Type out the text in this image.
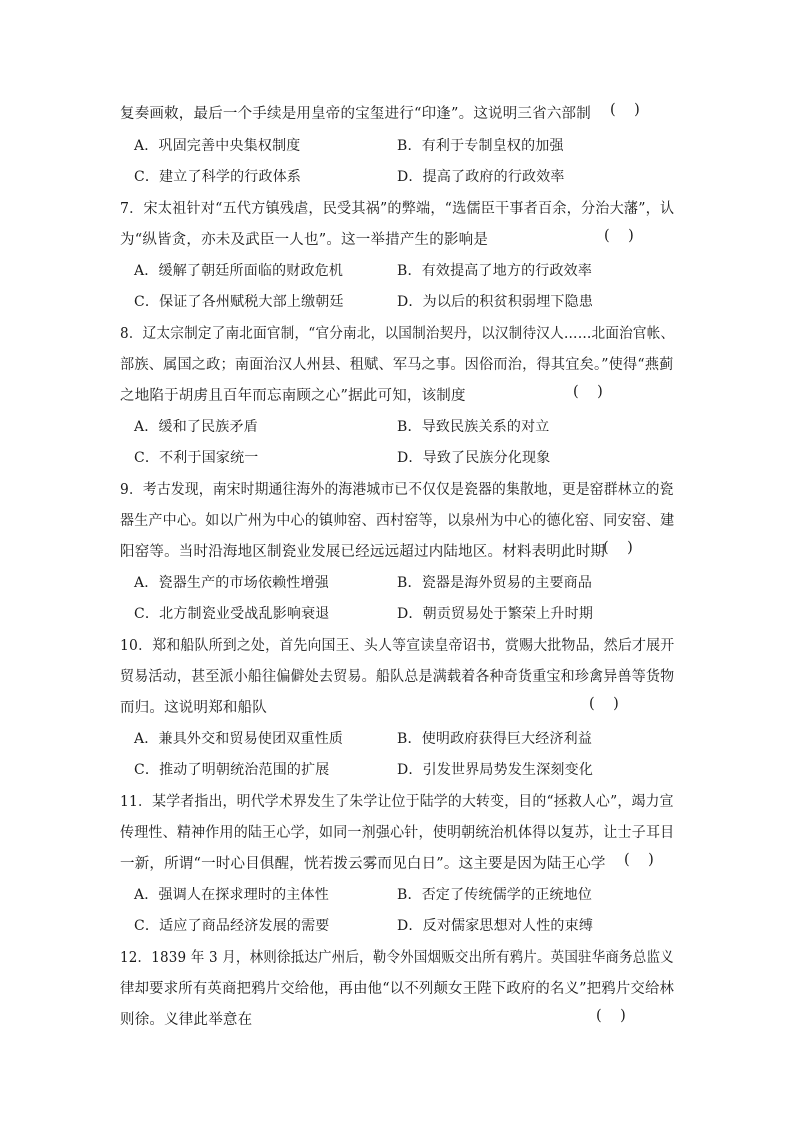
复奏画敕，最后一个手续是用皇帝的宝玺进行“印逢”。这说明三省六部制 (    )
A．巩固完善中央集权制度	B．有利于专制皇权的加强
C．建立了科学的行政体系	D．提高了政府的行政效率
7．宋太祖针对“五代方镇残虐，民受其祸”的弊端，“选儒臣干事者百余，分治大藩”，认
为“纵皆贪，亦未及武臣一人也”。这一举措产生的影响是	(    )
A．缓解了朝廷所面临的财政危机	B．有效提高了地方的行政效率
C．保证了各州赋税大部上缴朝廷	D．为以后的积贫积弱埋下隐患
8．辽太宗制定了南北面官制，“官分南北，以国制治契丹，以汉制待汉人……北面治官帐、
部族、属国之政；南面治汉人州县、租赋、军马之事。因俗而治，得其宜矣。”使得“燕蓟
之地陷于胡虏且百年而忘南顾之心”据此可知，该制度	(    )
A．缓和了民族矛盾	B．导致民族关系的对立
C．不利于国家统一	D．导致了民族分化现象
9．考古发现，南宋时期通往海外的海港城市已不仅仅是瓷器的集散地，更是窑群林立的瓷
器生产中心。如以广州为中心的镇帅窑、西村窑等，以泉州为中心的德化窑、同安窑、建
阳窑等。当时沿海地区制瓷业发展已经远远超过内陆地区。材料表明此时期
(    )
A．瓷器生产的市场依赖性增强	B．瓷器是海外贸易的主要商品
C．北方制瓷业受战乱影响衰退	D．朝贡贸易处于繁荣上升时期
10．郑和船队所到之处，首先向国王、头人等宣读皇帝诏书，赏赐大批物品，然后才展开
贸易活动，甚至派小船往偏僻处去贸易。船队总是满载着各种奇货重宝和珍禽异兽等货物
而归。这说明郑和船队	(    )
A．兼具外交和贸易使团双重性质	B．使明政府获得巨大经济利益
C．推动了明朝统治范围的扩展	D．引发世界局势发生深刻变化
11．某学者指出，明代学术界发生了朱学让位于陆学的大转变，目的“拯救人心”，竭力宣
传理性、精神作用的陆王心学，如同一剂强心针，使明朝统治机体得以复苏，让士子耳目
一新，所谓“一时心目俱醒，恍若拨云雾而见白日”。这主要是因为陆王心学 (    )
A．强调人在探求理时的主体性	B．否定了传统儒学的正统地位
C．适应了商品经济发展的需要	D．反对儒家思想对人性的束缚
12．1839 年 3 月，林则徐抵达广州后，勒令外国烟贩交出所有鸦片。英国驻华商务总监义
律却要求所有英商把鸦片交给他，再由他“以不列颠女王陛下政府的名义”把鸦片交给林
则徐。义律此举意在	(    )
